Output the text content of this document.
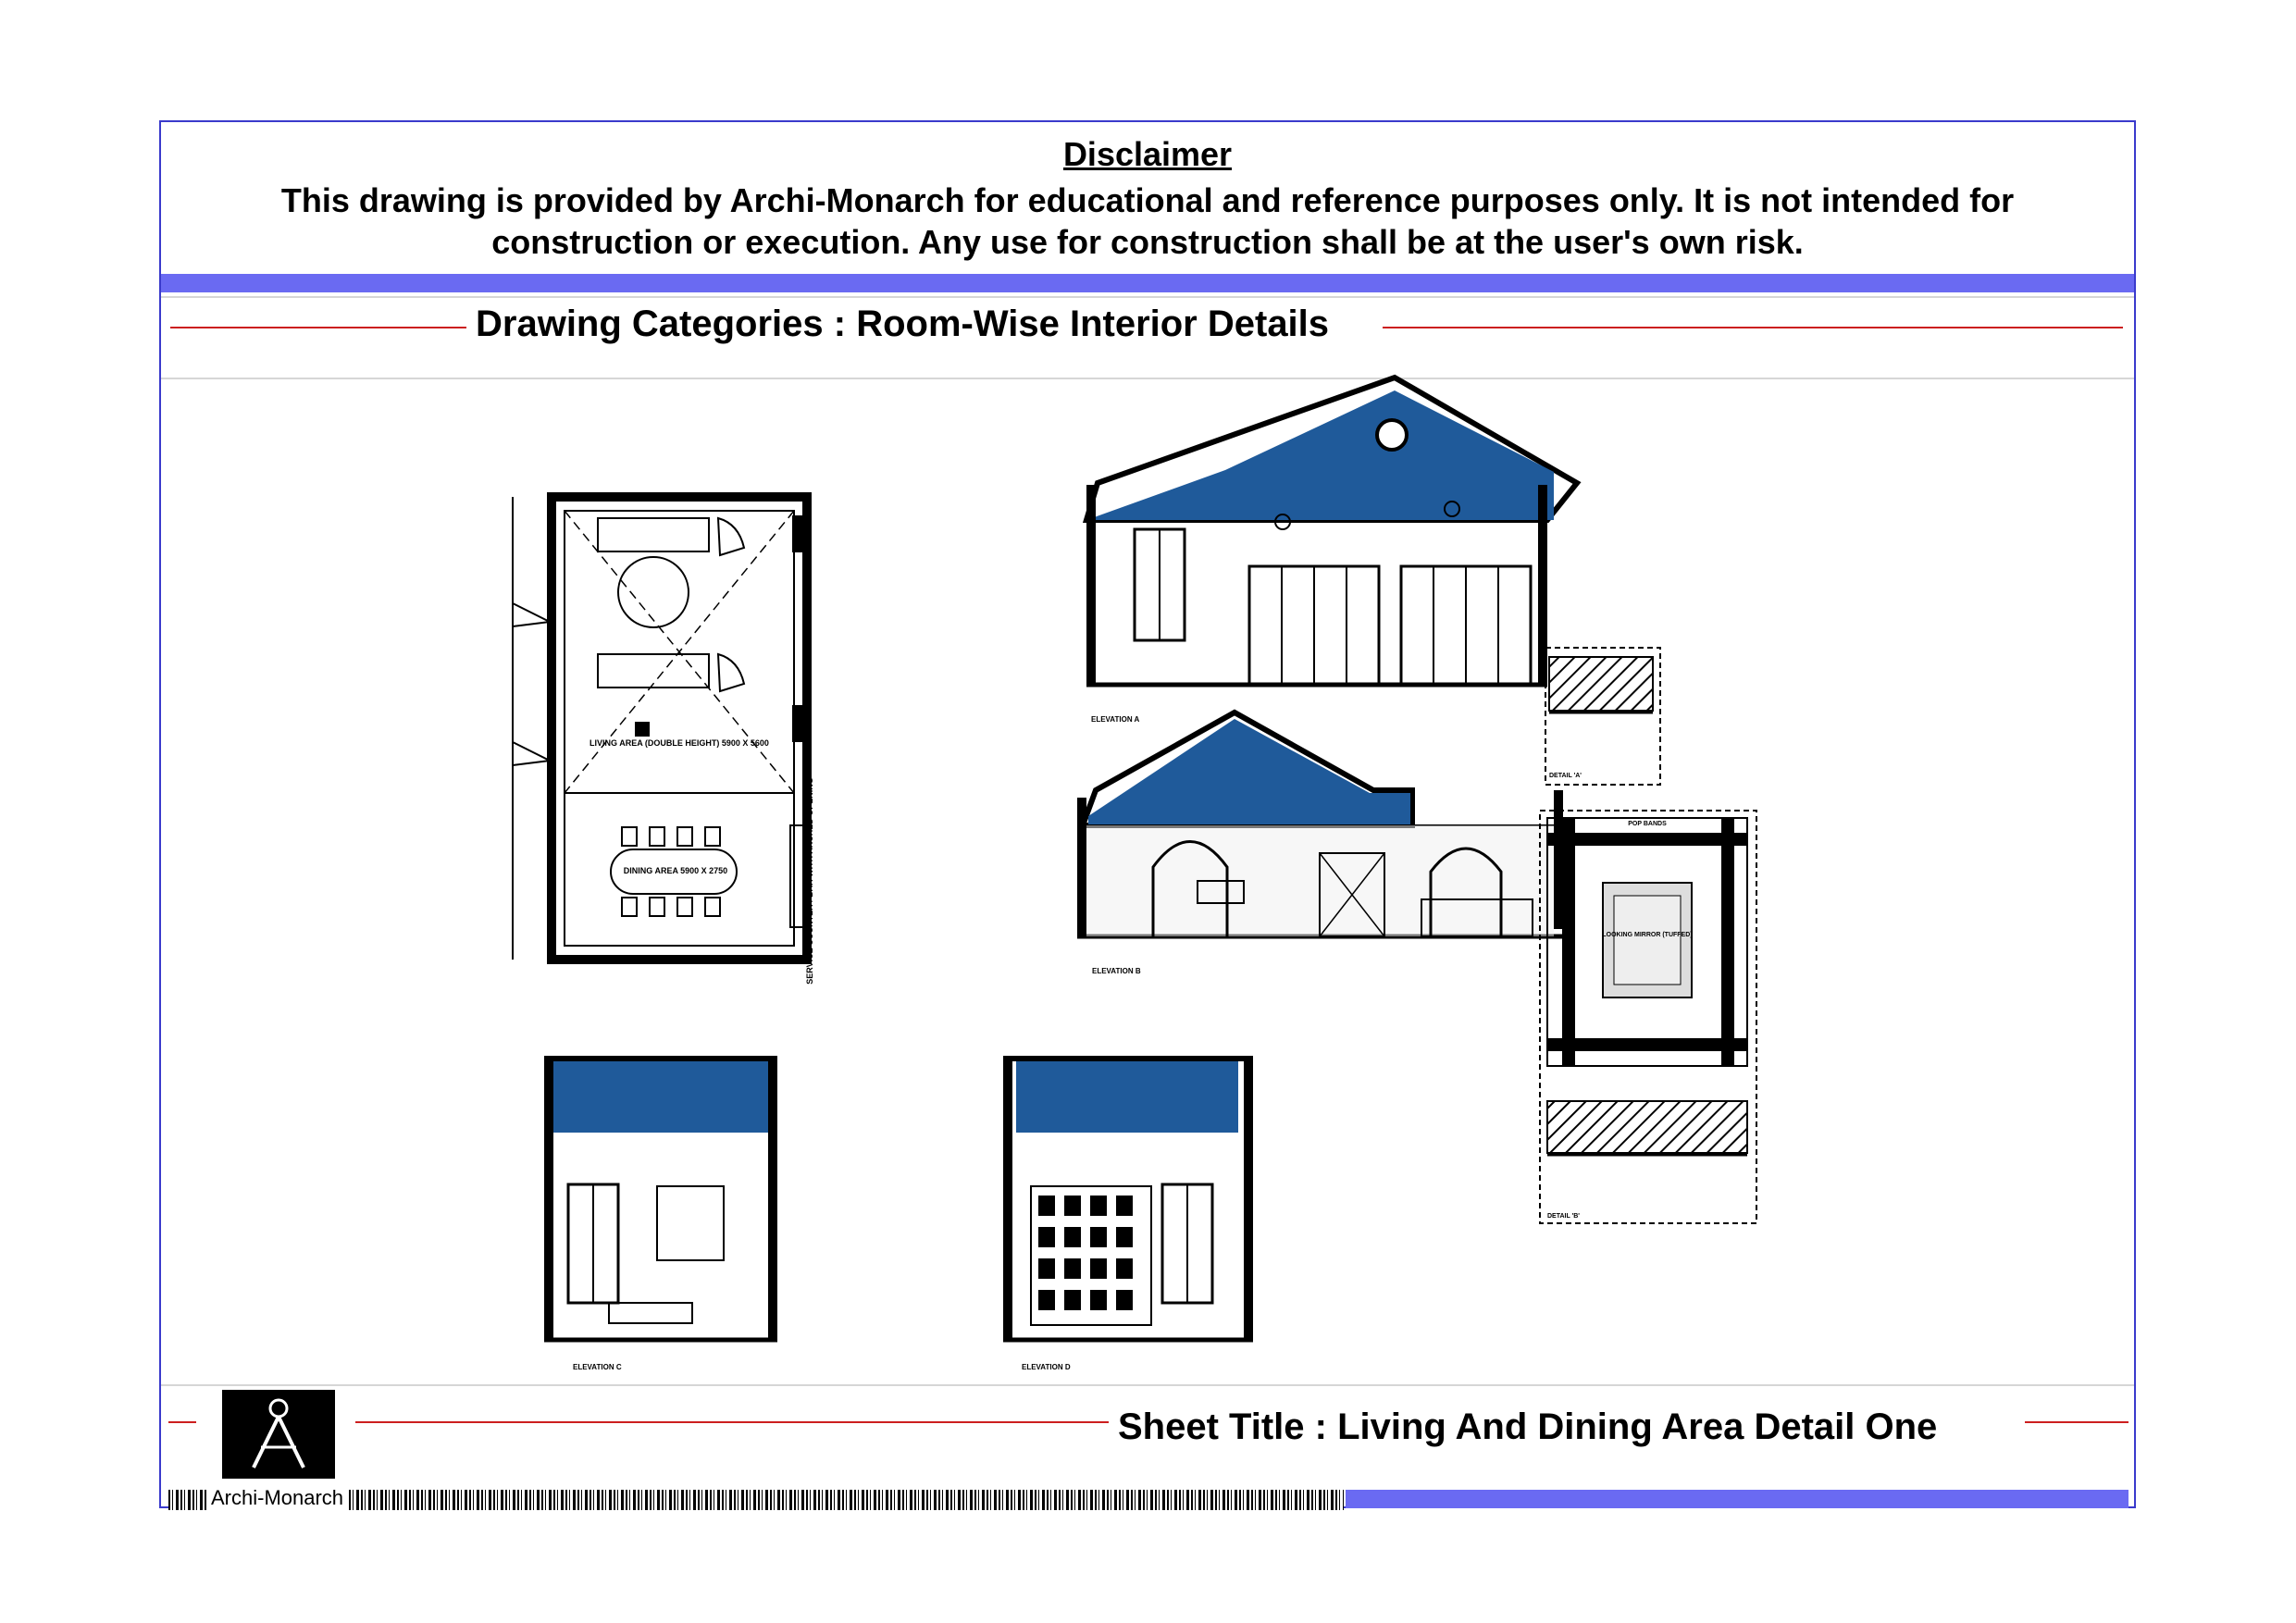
Disclaimer
This drawing is provided by Archi-Monarch for educational and reference purposes only. It is not intended for construction or execution. Any use for construction shall be at the user's own risk.
Drawing Categories : Room-Wise Interior Details
LIVING AREA (DOUBLE HEIGHT) 5900 X 5600
DINING AREA 5900 X 2750	SERVICE COUNTER / BAR WITH ARCHED OPENING
ELEVATION A
ELEVATION B
ELEVATION C	ELEVATION D
DETAIL 'A'
POP BANDS
LOOKING MIRROR (TUFFED)
DETAIL 'B'
Sheet Title : Living And Dining Area Detail One
Archi-Monarch
